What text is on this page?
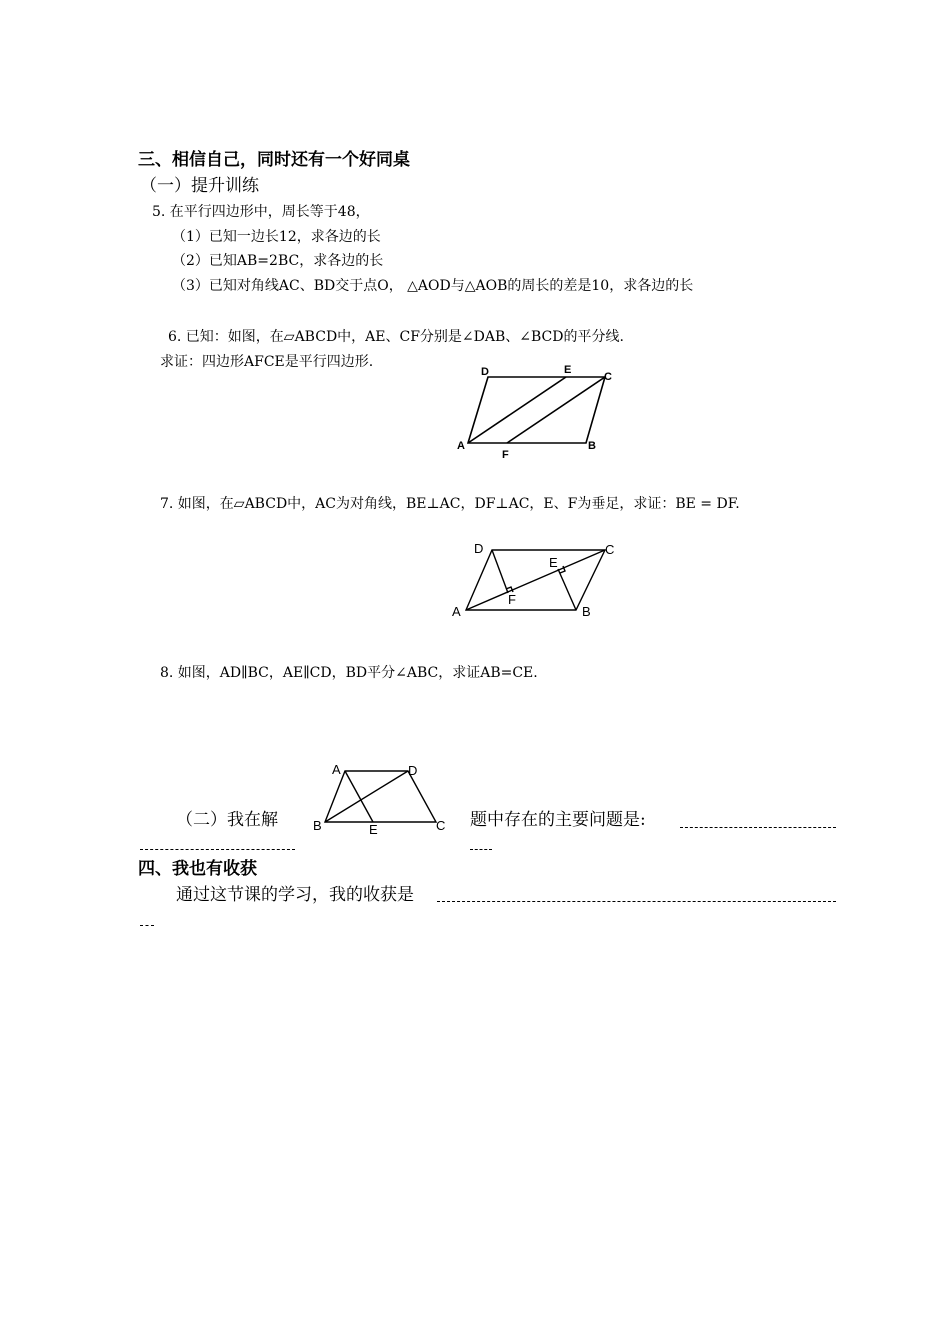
三、相信自己，同时还有一个好同桌
（一）提升训练
5. 在平行四边形中，周长等于48，
（1）已知一边长12，求各边的长
（2）已知AB=2BC，求各边的长
（3）已知对角线AC、BD交于点O， △AOD与△AOB的周长的差是10，求各边的长
6. 已知：如图，在▱ABCD中，AE、CF分别是∠DAB、∠BCD的平分线.
求证：四边形AFCE是平行四边形.
D	E
C
A	B
F
7. 如图，在▱ABCD中，AC为对角线，BE⊥AC，DF⊥AC，E、F为垂足，求证：BE = DF.
D	C
E
F
A	B
8. 如图，AD∥BC，AE∥CD，BD平分∠ABC，求证AB=CE.
A	D
B	E	C
（二）我在解	题中存在的主要问题是:
四、我也有收获
通过这节课的学习，我的收获是
